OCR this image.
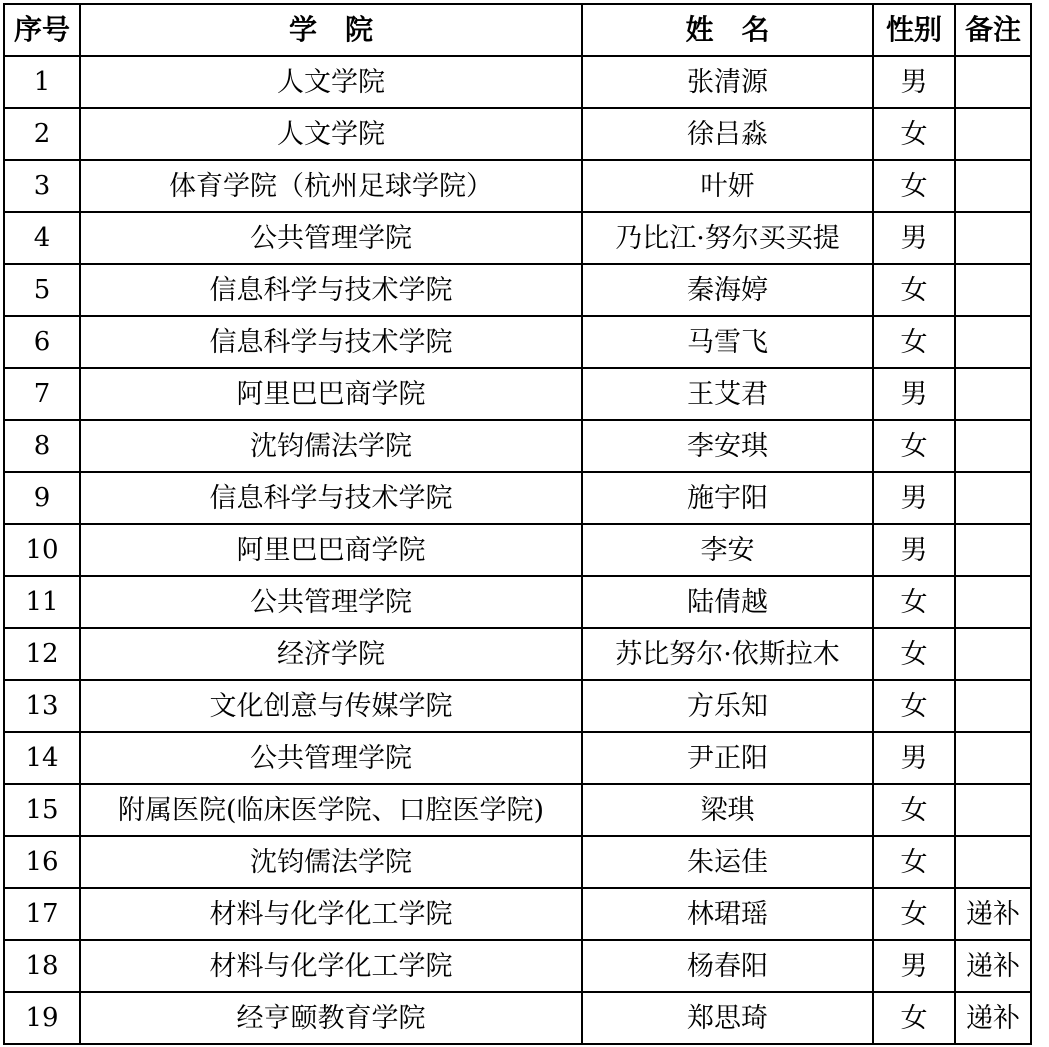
序号	学　院	姓　名	性别	备注
1	人文学院	张清源	男	
2	人文学院	徐吕淼	女	
3	体育学院（杭州足球学院）	叶妍	女	
4	公共管理学院	乃比江·努尔买买提	男	
5	信息科学与技术学院	秦海婷	女	
6	信息科学与技术学院	马雪飞	女	
7	阿里巴巴商学院	王艾君	男	
8	沈钧儒法学院	李安琪	女	
9	信息科学与技术学院	施宇阳	男	
10	阿里巴巴商学院	李安	男	
11	公共管理学院	陆倩越	女	
12	经济学院	苏比努尔·依斯拉木	女	
13	文化创意与传媒学院	方乐知	女	
14	公共管理学院	尹正阳	男	
15	附属医院(临床医学院、口腔医学院)	梁琪	女	
16	沈钧儒法学院	朱运佳	女	
17	材料与化学化工学院	林珺瑶	女	递补
18	材料与化学化工学院	杨春阳	男	递补
19	经亨颐教育学院	郑思琦	女	递补
